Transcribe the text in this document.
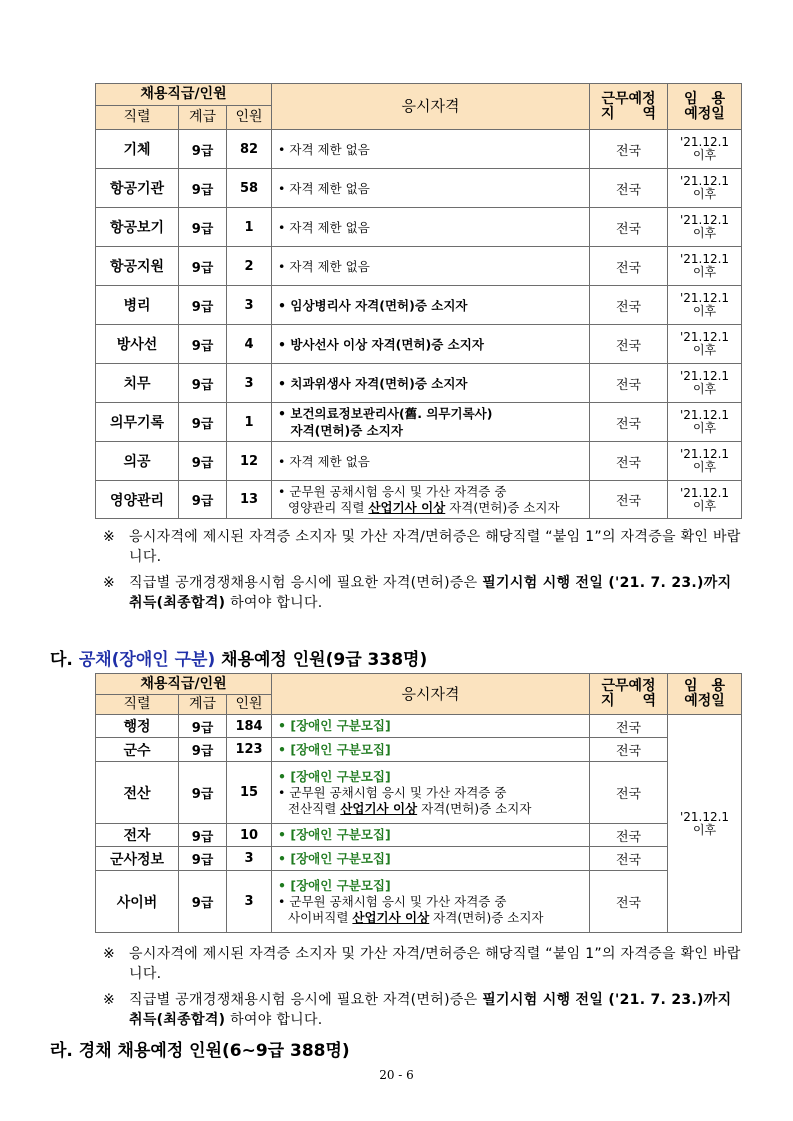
채용직급/인원			응시자격	근무예정
지　　역	임　용
예정일
직렬	계급	인원			
기체	9급	82	• 자격 제한 없음	전국	'21.12.1
이후
항공기관	9급	58	• 자격 제한 없음	전국	'21.12.1
이후
항공보기	9급	1	• 자격 제한 없음	전국	'21.12.1
이후
항공지원	9급	2	• 자격 제한 없음	전국	'21.12.1
이후
병리	9급	3	• 임상병리사 자격(면허)증 소지자	전국	'21.12.1
이후
방사선	9급	4	• 방사선사 이상 자격(면허)증 소지자	전국	'21.12.1
이후
치무	9급	3	• 치과위생사 자격(면허)증 소지자	전국	'21.12.1
이후
의무기록	9급	1	• 보건의료정보관리사(舊. 의무기록사)
　자격(면허)증 소지자	전국	'21.12.1
이후
의공	9급	12	• 자격 제한 없음	전국	'21.12.1
이후
영양관리	9급	13	• 군무원 공채시험 응시 및 가산 자격증 중
영양관리 직렬 산업기사 이상 자격(면허)증 소지자	전국	'21.12.1
이후
※ 응시자격에 제시된 자격증 소지자 및 가산 자격/면허증은 해당직렬 “붙임 1”의 자격증을 확인 바랍니다.
※ 직급별 공개경쟁채용시험 응시에 필요한 자격(면허)증은 필기시험 시행 전일 ('21. 7. 23.)까지 취득(최종합격) 하여야 합니다.
다. 공채(장애인 구분) 채용예정 인원(9급 338명)
채용직급/인원			응시자격	근무예정
지　　역	임　용
예정일
직렬	계급	인원			
행정	9급	184	• [장애인 구분모집]	전국	'21.12.1
이후
군수	9급	123	• [장애인 구분모집]	전국	
전산	9급	15	• [장애인 구분모집]
• 군무원 공채시험 응시 및 가산 자격증 중
전산직렬 산업기사 이상 자격(면허)증 소지자	전국	
전자	9급	10	• [장애인 구분모집]	전국	
군사정보	9급	3	• [장애인 구분모집]	전국	
사이버	9급	3	• [장애인 구분모집]
• 군무원 공채시험 응시 및 가산 자격증 중
사이버직렬 산업기사 이상 자격(면허)증 소지자	전국	
※ 응시자격에 제시된 자격증 소지자 및 가산 자격/면허증은 해당직렬 “붙임 1”의 자격증을 확인 바랍니다.
※ 직급별 공개경쟁채용시험 응시에 필요한 자격(면허)증은 필기시험 시행 전일 ('21. 7. 23.)까지 취득(최종합격) 하여야 합니다.
라. 경채 채용예정 인원(6~9급 388명)
20 - 6
